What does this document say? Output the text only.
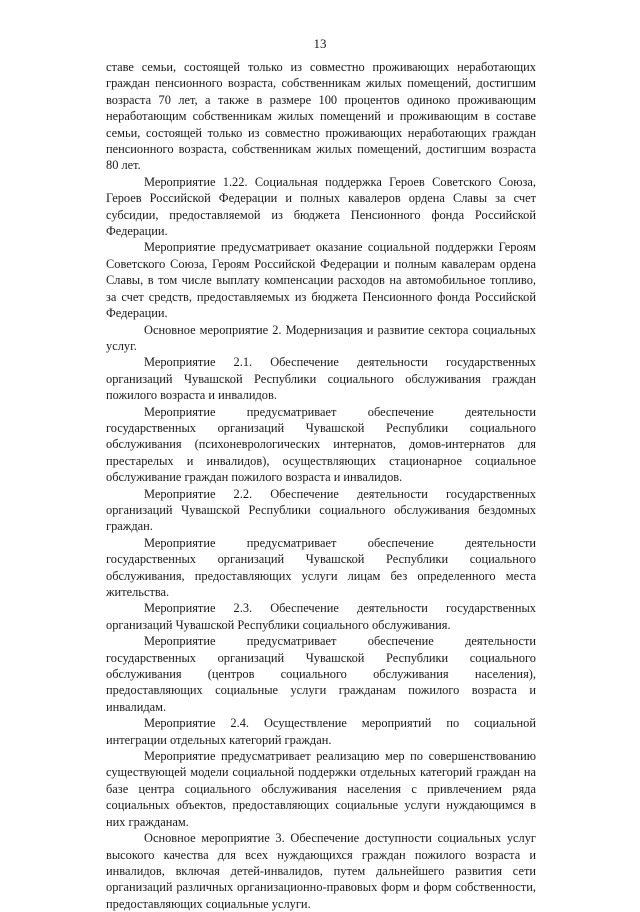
13

ставе семьи, состоящей только из совместно проживающих неработающих граждан пенсионного возраста, собственникам жилых помещений, достигшим возраста 70 лет, а также в размере 100 процентов одиноко проживающим неработающим собственникам жилых помещений и проживающим в составе семьи, состоящей только из совместно проживающих неработающих граждан пенсионного возраста, собственникам жилых помещений, достигшим возраста 80 лет.

Мероприятие 1.22. Социальная поддержка Героев Советского Союза, Героев Российской Федерации и полных кавалеров ордена Славы за счет субсидии, предоставляемой из бюджета Пенсионного фонда Российской Федерации.

Мероприятие предусматривает оказание социальной поддержки Героям Советского Союза, Героям Российской Федерации и полным кавалерам ордена Славы, в том числе выплату компенсации расходов на автомобильное топливо, за счет средств, предоставляемых из бюджета Пенсионного фонда Российской Федерации.

Основное мероприятие 2. Модернизация и развитие сектора социальных услуг.

Мероприятие 2.1. Обеспечение деятельности государственных организаций Чувашской Республики социального обслуживания граждан пожилого возраста и инвалидов.

Мероприятие предусматривает обеспечение деятельности государственных организаций Чувашской Республики социального обслуживания (психоневрологических интернатов, домов-интернатов для престарелых и инвалидов), осуществляющих стационарное социальное обслуживание граждан пожилого возраста и инвалидов.

Мероприятие 2.2. Обеспечение деятельности государственных организаций Чувашской Республики социального обслуживания бездомных граждан.

Мероприятие предусматривает обеспечение деятельности государственных организаций Чувашской Республики социального обслуживания, предоставляющих услуги лицам без определенного места жительства.

Мероприятие 2.3. Обеспечение деятельности государственных организаций Чувашской Республики социального обслуживания.

Мероприятие предусматривает обеспечение деятельности государственных организаций Чувашской Республики социального обслуживания (центров социального обслуживания населения), предоставляющих социальные услуги гражданам пожилого возраста и инвалидам.

Мероприятие 2.4. Осуществление мероприятий по социальной интеграции отдельных категорий граждан.

Мероприятие предусматривает реализацию мер по совершенствованию существующей модели социальной поддержки отдельных категорий граждан на базе центра социального обслуживания населения с привлечением ряда социальных объектов, предоставляющих социальные услуги нуждающимся в них гражданам.

Основное мероприятие 3. Обеспечение доступности социальных услуг высокого качества для всех нуждающихся граждан пожилого возраста и инвалидов, включая детей-инвалидов, путем дальнейшего развития сети организаций различных организационно-правовых форм и форм собственности, предоставляющих социальные услуги.
